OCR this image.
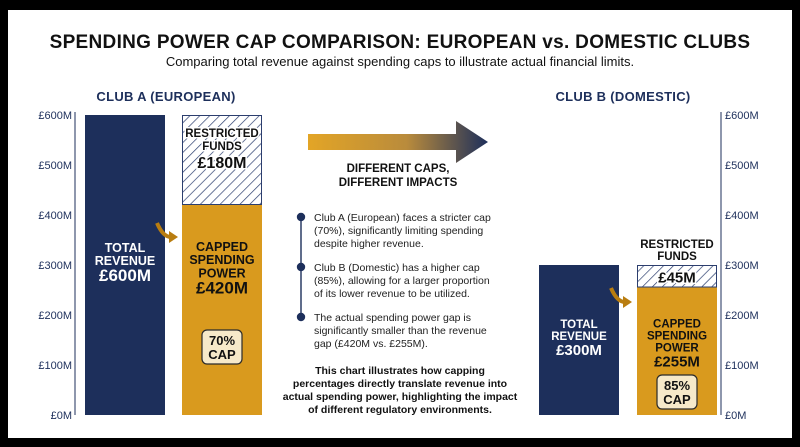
SPENDING POWER CAP COMPARISON: EUROPEAN vs. DOMESTIC CLUBS
Comparing total revenue against spending caps to illustrate actual financial limits.
CLUB A (EUROPEAN)
£0M
£100M
£200M
£300M
£400M
£500M
£600M
TOTAL
REVENUE
£600M
RESTRICTED
FUNDS
£180M
CAPPED
SPENDING
POWER
£420M
70%
CAP
CLUB B (DOMESTIC)
£0M
£100M
£200M
£300M
£400M
£500M
£600M
TOTAL
REVENUE
£300M
RESTRICTED
FUNDS
£45M
CAPPED
SPENDING
POWER
£255M
85%
CAP
DIFFERENT CAPS,
DIFFERENT IMPACTS
Club A (European) faces a stricter cap
(70%), significantly limiting spending
despite higher revenue.
Club B (Domestic) has a higher cap
(85%), allowing for a larger proportion
of its lower revenue to be utilized.
The actual spending power gap is
significantly smaller than the revenue
gap (£420M vs. £255M).
This chart illustrates how capping
percentages directly translate revenue into
actual spending power, highlighting the impact
of different regulatory environments.
